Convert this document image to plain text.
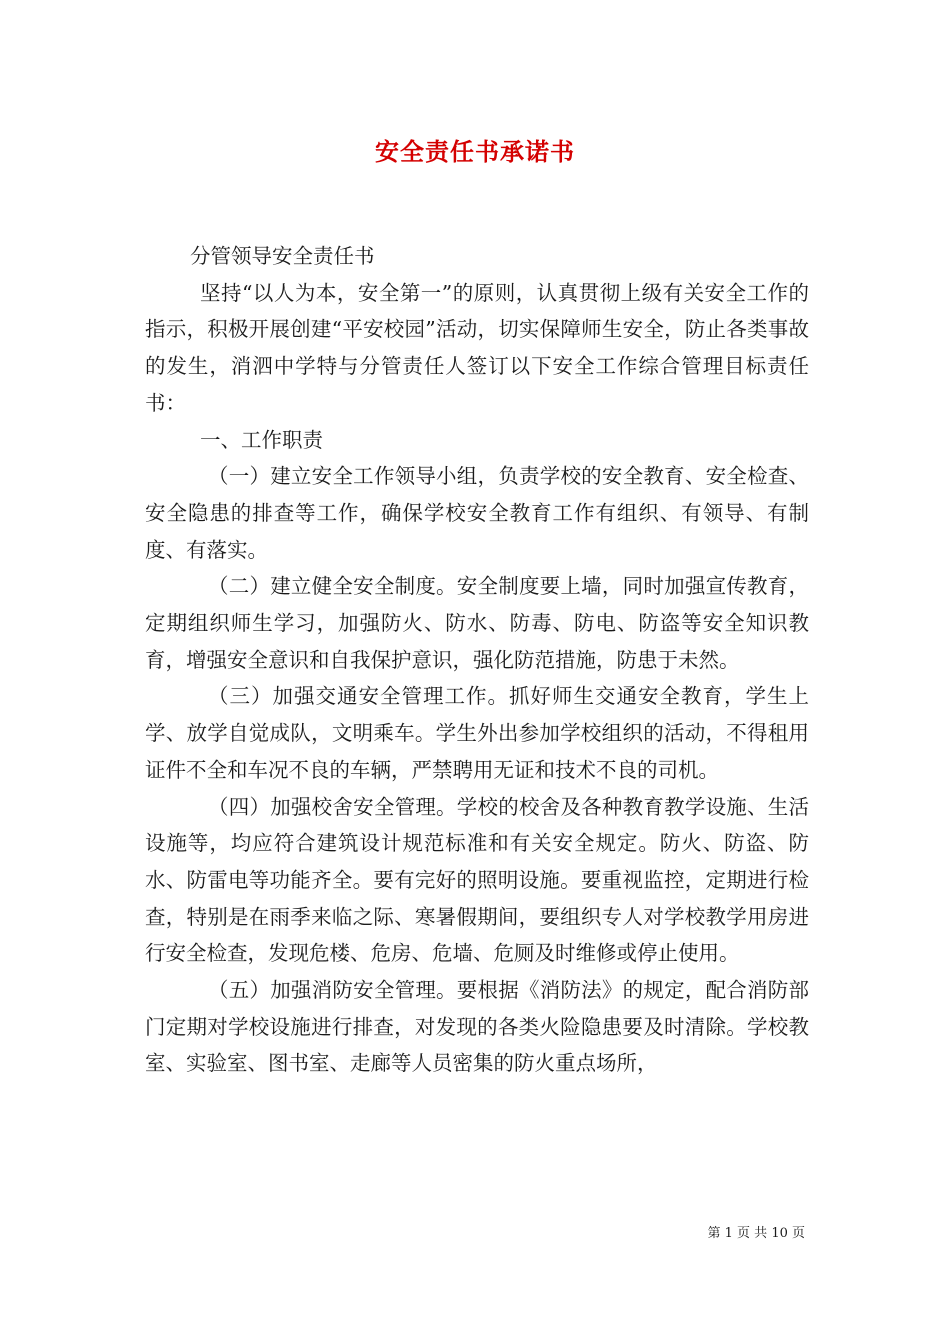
安全责任书承诺书

分管领导安全责任书

坚持“以人为本，安全第一”的原则，认真贯彻上级有关安全工作的指示，积极开展创建“平安校园”活动，切实保障师生安全，防止各类事故的发生，消泗中学特与分管责任人签订以下安全工作综合管理目标责任书：

一、工作职责

（一）建立安全工作领导小组，负责学校的安全教育、安全检查、安全隐患的排查等工作，确保学校安全教育工作有组织、有领导、有制度、有落实。

（二）建立健全安全制度。安全制度要上墙，同时加强宣传教育，定期组织师生学习，加强防火、防水、防毒、防电、防盗等安全知识教育，增强安全意识和自我保护意识，强化防范措施，防患于未然。

（三）加强交通安全管理工作。抓好师生交通安全教育，学生上学、放学自觉成队，文明乘车。学生外出参加学校组织的活动，不得租用证件不全和车况不良的车辆，严禁聘用无证和技术不良的司机。

（四）加强校舍安全管理。学校的校舍及各种教育教学设施、生活设施等，均应符合建筑设计规范标准和有关安全规定。防火、防盗、防水、防雷电等功能齐全。要有完好的照明设施。要重视监控，定期进行检查，特别是在雨季来临之际、寒暑假期间，要组织专人对学校教学用房进行安全检查，发现危楼、危房、危墙、危厕及时维修或停止使用。

（五）加强消防安全管理。要根据《消防法》的规定，配合消防部门定期对学校设施进行排查，对发现的各类火险隐患要及时清除。学校教室、实验室、图书室、走廊等人员密集的防火重点场所，

第 1 页 共 10 页
